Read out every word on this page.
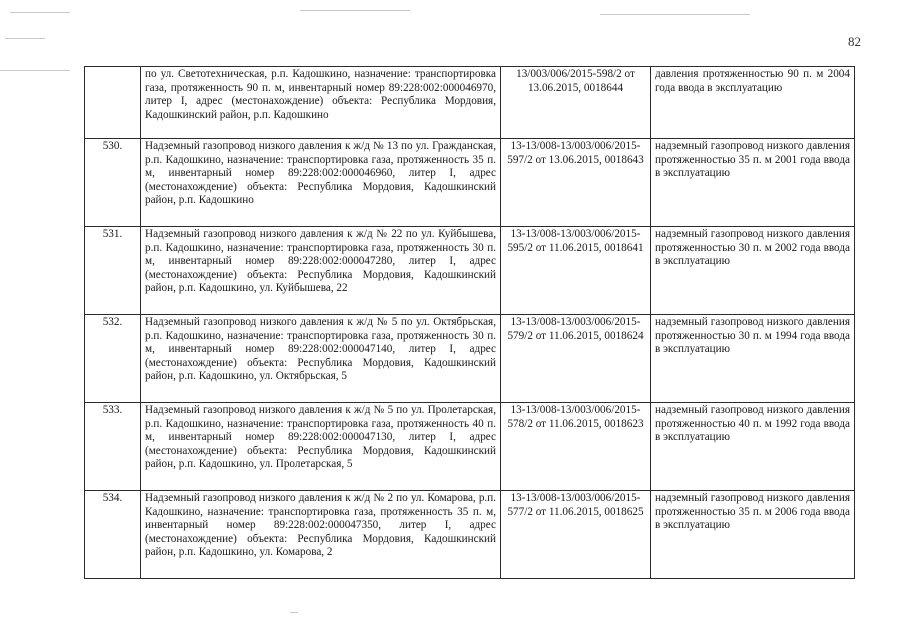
82
	по ул. Светотехническая, р.п. Кадошкино, назначение: транспортировка газа, протяженность 90 п. м, инвентарный номер 89:228:002:000046970, литер I, адрес (местонахождение) объекта: Республика Мордовия, Кадошкинский район, р.п. Кадошкино	13/003/006/2015-598/2 от 13.06.2015, 0018644	давления протяженностью 90 п. м 2004 года ввода в эксплуатацию
530.	Надземный газопровод низкого давления к ж/д № 13 по ул. Гражданская, р.п. Кадошкино, назначение: транспортировка газа, протяженность 35 п. м, инвентарный номер 89:228:002:000046960, литер I, адрес (местонахождение) объекта: Республика Мордовия, Кадошкинский район, р.п. Кадошкино	13-13/008-13/003/006/2015-597/2 от 13.06.2015, 0018643	надземный газопровод низкого давления протяженностью 35 п. м 2001 года ввода в эксплуатацию
531.	Надземный газопровод низкого давления к ж/д № 22 по ул. Куйбышева, р.п. Кадошкино, назначение: транспортировка газа, протяженность 30 п. м, инвентарный номер 89:228:002:000047280, литер I, адрес (местонахождение) объекта: Республика Мордовия, Кадошкинский район, р.п. Кадошкино, ул. Куйбышева, 22	13-13/008-13/003/006/2015-595/2 от 11.06.2015, 0018641	надземный газопровод низкого давления протяженностью 30 п. м 2002 года ввода в эксплуатацию
532.	Надземный газопровод низкого давления к ж/д № 5 по ул. Октябрьская, р.п. Кадошкино, назначение: транспортировка газа, протяженность 30 п. м, инвентарный номер 89:228:002:000047140, литер I, адрес (местонахождение) объекта: Республика Мордовия, Кадошкинский район, р.п. Кадошкино, ул. Октябрьская, 5	13-13/008-13/003/006/2015-579/2 от 11.06.2015, 0018624	надземный газопровод низкого давления протяженностью 30 п. м 1994 года ввода в эксплуатацию
533.	Надземный газопровод низкого давления к ж/д № 5 по ул. Пролетарская, р.п. Кадошкино, назначение: транспортировка газа, протяженность 40 п. м, инвентарный номер 89:228:002:000047130, литер I, адрес (местонахождение) объекта: Республика Мордовия, Кадошкинский район, р.п. Кадошкино, ул. Пролетарская, 5	13-13/008-13/003/006/2015-578/2 от 11.06.2015, 0018623	надземный газопровод низкого давления протяженностью 40 п. м 1992 года ввода в эксплуатацию
534.	Надземный газопровод низкого давления к ж/д № 2 по ул. Комарова, р.п. Кадошкино, назначение: транспортировка газа, протяженность 35 п. м, инвентарный номер 89:228:002:000047350, литер I, адрес (местонахождение) объекта: Республика Мордовия, Кадошкинский район, р.п. Кадошкино, ул. Комарова, 2	13-13/008-13/003/006/2015-577/2 от 11.06.2015, 0018625	надземный газопровод низкого давления протяженностью 35 п. м 2006 года ввода в эксплуатацию
